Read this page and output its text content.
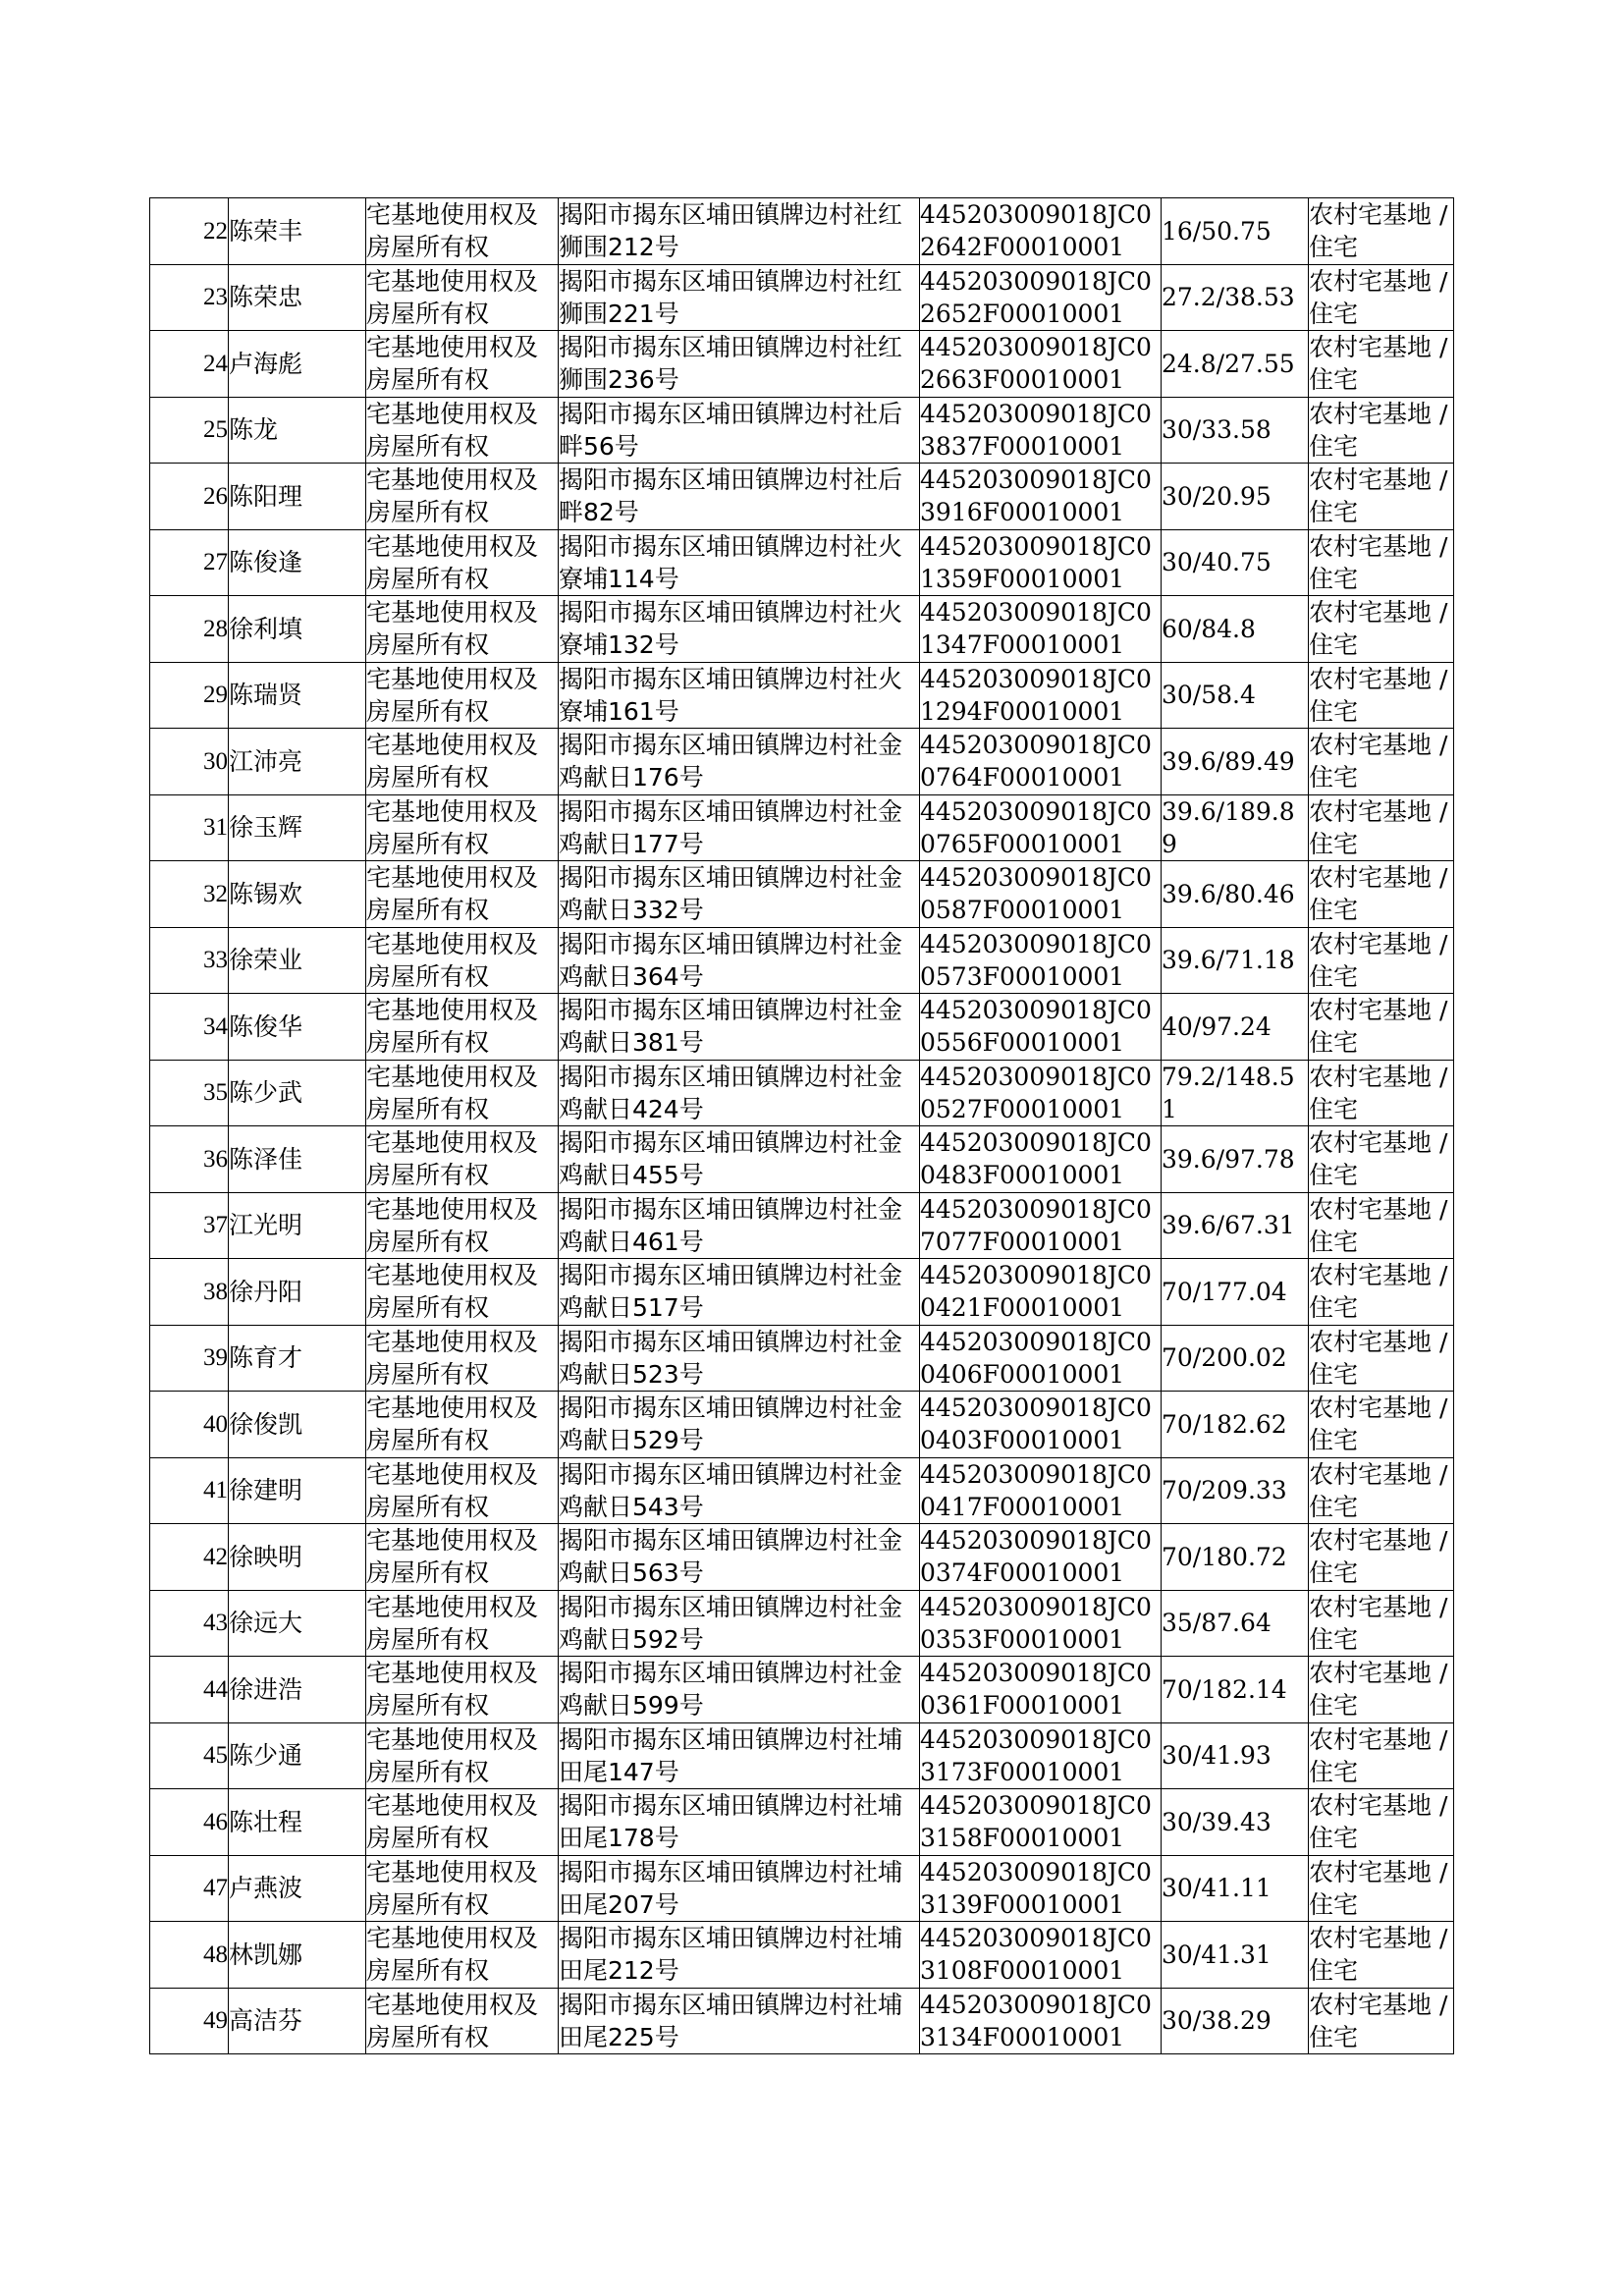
22	陈荣丰	宅基地使用权及房屋所有权	揭阳市揭东区埔田镇牌边村社红狮围212号	445203009018JC02642F00010001	16/50.75	农村宅基地 / 住宅

23	陈荣忠	宅基地使用权及房屋所有权	揭阳市揭东区埔田镇牌边村社红狮围221号	445203009018JC02652F00010001	27.2/38.53	农村宅基地 / 住宅

24	卢海彪	宅基地使用权及房屋所有权	揭阳市揭东区埔田镇牌边村社红狮围236号	445203009018JC02663F00010001	24.8/27.55	农村宅基地 / 住宅

25	陈龙	宅基地使用权及房屋所有权	揭阳市揭东区埔田镇牌边村社后畔56号	445203009018JC03837F00010001	30/33.58	农村宅基地 / 住宅

26	陈阳理	宅基地使用权及房屋所有权	揭阳市揭东区埔田镇牌边村社后畔82号	445203009018JC03916F00010001	30/20.95	农村宅基地 / 住宅

27	陈俊逢	宅基地使用权及房屋所有权	揭阳市揭东区埔田镇牌边村社火寮埔114号	445203009018JC01359F00010001	30/40.75	农村宅基地 / 住宅

28	徐利填	宅基地使用权及房屋所有权	揭阳市揭东区埔田镇牌边村社火寮埔132号	445203009018JC01347F00010001	60/84.8	农村宅基地 / 住宅

29	陈瑞贤	宅基地使用权及房屋所有权	揭阳市揭东区埔田镇牌边村社火寮埔161号	445203009018JC01294F00010001	30/58.4	农村宅基地 / 住宅

30	江沛亮	宅基地使用权及房屋所有权	揭阳市揭东区埔田镇牌边村社金鸡献日176号	445203009018JC00764F00010001	39.6/89.49	农村宅基地 / 住宅

31	徐玉辉	宅基地使用权及房屋所有权	揭阳市揭东区埔田镇牌边村社金鸡献日177号	445203009018JC00765F00010001	39.6/189.89	农村宅基地 / 住宅

32	陈锡欢	宅基地使用权及房屋所有权	揭阳市揭东区埔田镇牌边村社金鸡献日332号	445203009018JC00587F00010001	39.6/80.46	农村宅基地 / 住宅

33	徐荣业	宅基地使用权及房屋所有权	揭阳市揭东区埔田镇牌边村社金鸡献日364号	445203009018JC00573F00010001	39.6/71.18	农村宅基地 / 住宅

34	陈俊华	宅基地使用权及房屋所有权	揭阳市揭东区埔田镇牌边村社金鸡献日381号	445203009018JC00556F00010001	40/97.24	农村宅基地 / 住宅

35	陈少武	宅基地使用权及房屋所有权	揭阳市揭东区埔田镇牌边村社金鸡献日424号	445203009018JC00527F00010001	79.2/148.51	农村宅基地 / 住宅

36	陈泽佳	宅基地使用权及房屋所有权	揭阳市揭东区埔田镇牌边村社金鸡献日455号	445203009018JC00483F00010001	39.6/97.78	农村宅基地 / 住宅

37	江光明	宅基地使用权及房屋所有权	揭阳市揭东区埔田镇牌边村社金鸡献日461号	445203009018JC07077F00010001	39.6/67.31	农村宅基地 / 住宅

38	徐丹阳	宅基地使用权及房屋所有权	揭阳市揭东区埔田镇牌边村社金鸡献日517号	445203009018JC00421F00010001	70/177.04	农村宅基地 / 住宅

39	陈育才	宅基地使用权及房屋所有权	揭阳市揭东区埔田镇牌边村社金鸡献日523号	445203009018JC00406F00010001	70/200.02	农村宅基地 / 住宅

40	徐俊凯	宅基地使用权及房屋所有权	揭阳市揭东区埔田镇牌边村社金鸡献日529号	445203009018JC00403F00010001	70/182.62	农村宅基地 / 住宅

41	徐建明	宅基地使用权及房屋所有权	揭阳市揭东区埔田镇牌边村社金鸡献日543号	445203009018JC00417F00010001	70/209.33	农村宅基地 / 住宅

42	徐映明	宅基地使用权及房屋所有权	揭阳市揭东区埔田镇牌边村社金鸡献日563号	445203009018JC00374F00010001	70/180.72	农村宅基地 / 住宅

43	徐远大	宅基地使用权及房屋所有权	揭阳市揭东区埔田镇牌边村社金鸡献日592号	445203009018JC00353F00010001	35/87.64	农村宅基地 / 住宅

44	徐进浩	宅基地使用权及房屋所有权	揭阳市揭东区埔田镇牌边村社金鸡献日599号	445203009018JC00361F00010001	70/182.14	农村宅基地 / 住宅

45	陈少通	宅基地使用权及房屋所有权	揭阳市揭东区埔田镇牌边村社埔田尾147号	445203009018JC03173F00010001	30/41.93	农村宅基地 / 住宅

46	陈壮程	宅基地使用权及房屋所有权	揭阳市揭东区埔田镇牌边村社埔田尾178号	445203009018JC03158F00010001	30/39.43	农村宅基地 / 住宅

47	卢燕波	宅基地使用权及房屋所有权	揭阳市揭东区埔田镇牌边村社埔田尾207号	445203009018JC03139F00010001	30/41.11	农村宅基地 / 住宅

48	林凯娜	宅基地使用权及房屋所有权	揭阳市揭东区埔田镇牌边村社埔田尾212号	445203009018JC03108F00010001	30/41.31	农村宅基地 / 住宅

49	高洁芬	宅基地使用权及房屋所有权	揭阳市揭东区埔田镇牌边村社埔田尾225号	445203009018JC03134F00010001	30/38.29	农村宅基地 / 住宅
